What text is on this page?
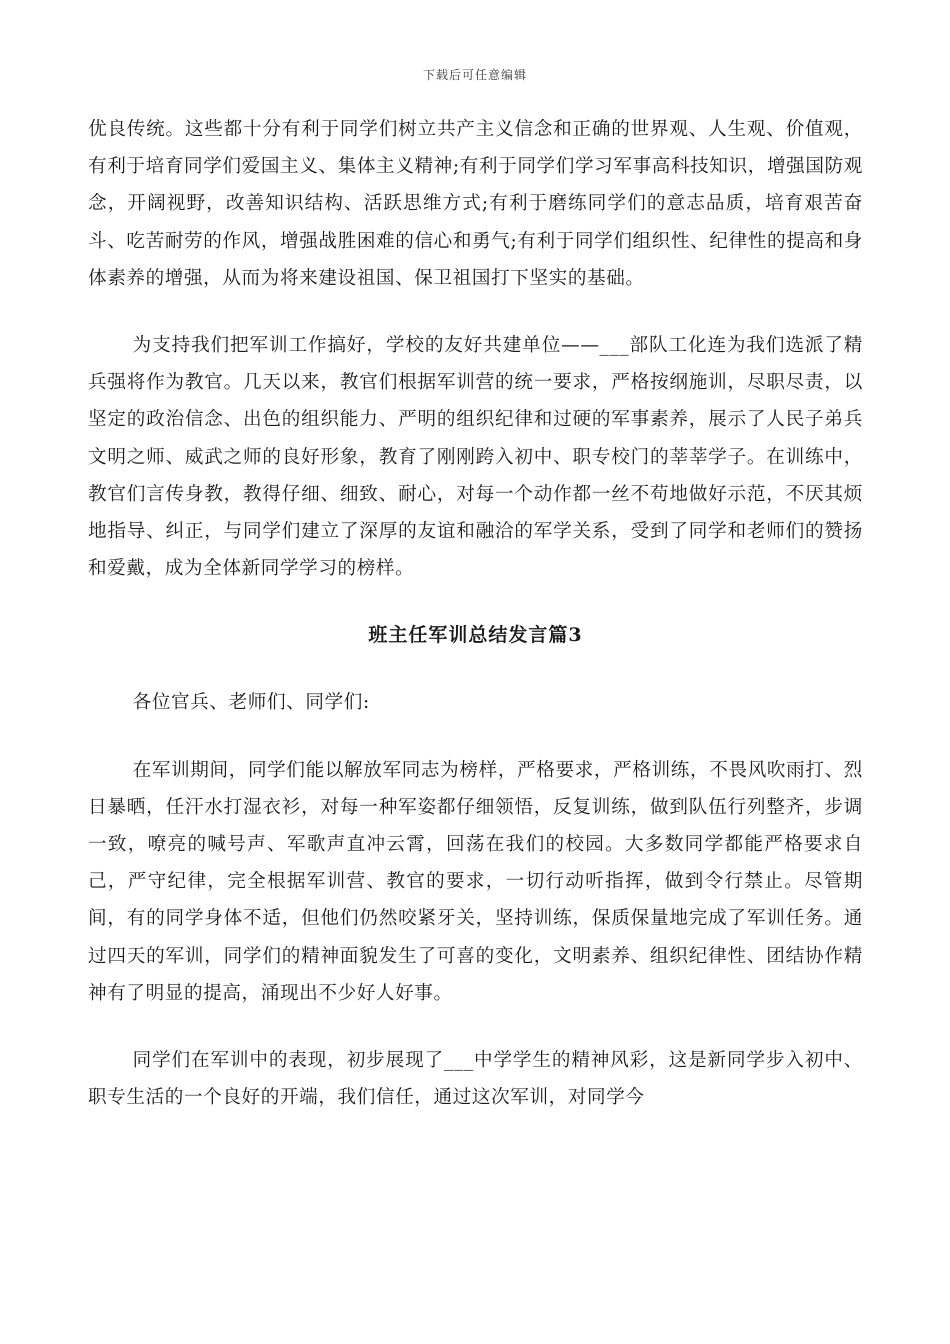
下载后可任意编辑

优良传统。这些都十分有利于同学们树立共产主义信念和正确的世界观、人生观、价值观，有利于培育同学们爱国主义、集体主义精神;有利于同学们学习军事高科技知识，增强国防观念，开阔视野，改善知识结构、活跃思维方式;有利于磨练同学们的意志品质，培育艰苦奋斗、吃苦耐劳的作风，增强战胜困难的信心和勇气;有利于同学们组织性、纪律性的提高和身体素养的增强，从而为将来建设祖国、保卫祖国打下坚实的基础。

为支持我们把军训工作搞好，学校的友好共建单位——___部队工化连为我们选派了精兵强将作为教官。几天以来，教官们根据军训营的统一要求，严格按纲施训，尽职尽责，以坚定的政治信念、出色的组织能力、严明的组织纪律和过硬的军事素养，展示了人民子弟兵文明之师、威武之师的良好形象，教育了刚刚跨入初中、职专校门的莘莘学子。在训练中，教官们言传身教，教得仔细、细致、耐心，对每一个动作都一丝不苟地做好示范，不厌其烦地指导、纠正，与同学们建立了深厚的友谊和融洽的军学关系，受到了同学和老师们的赞扬和爱戴，成为全体新同学学习的榜样。

班主任军训总结发言篇3

各位官兵、老师们、同学们:

在军训期间，同学们能以解放军同志为榜样，严格要求，严格训练，不畏风吹雨打、烈日暴晒，任汗水打湿衣衫，对每一种军姿都仔细领悟，反复训练，做到队伍行列整齐，步调一致，嘹亮的喊号声、军歌声直冲云霄，回荡在我们的校园。大多数同学都能严格要求自己，严守纪律，完全根据军训营、教官的要求，一切行动听指挥，做到令行禁止。尽管期间，有的同学身体不适，但他们仍然咬紧牙关，坚持训练，保质保量地完成了军训任务。通过四天的军训，同学们的精神面貌发生了可喜的变化，文明素养、组织纪律性、团结协作精神有了明显的提高，涌现出不少好人好事。

同学们在军训中的表现，初步展现了___中学学生的精神风彩，这是新同学步入初中、职专生活的一个良好的开端，我们信任，通过这次军训，对同学今
